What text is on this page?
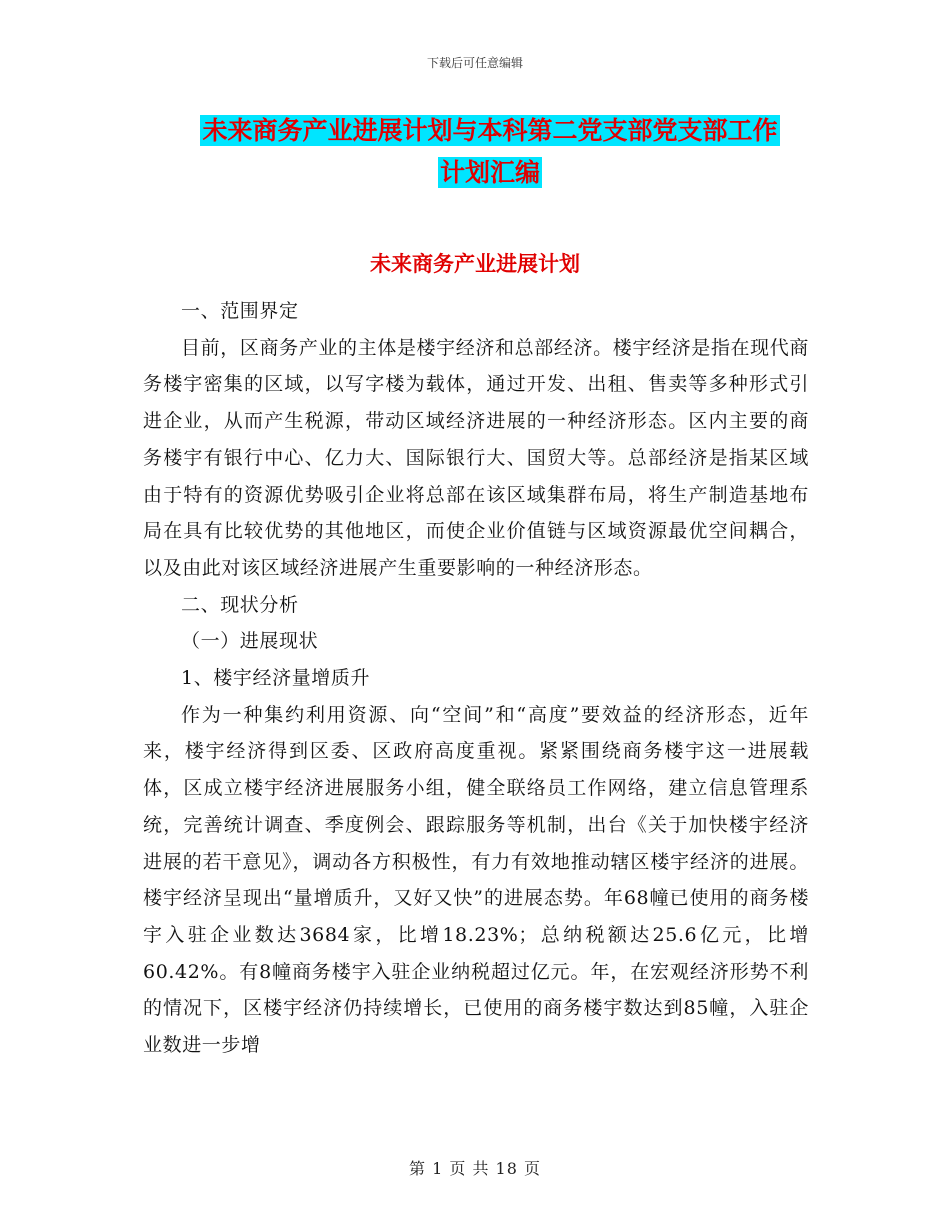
下载后可任意编辑
未来商务产业进展计划与本科第二党支部党支部工作
计划汇编
未来商务产业进展计划

一、范围界定

目前，区商务产业的主体是楼宇经济和总部经济。楼宇经济是指在现代商务楼宇密集的区域，以写字楼为载体，通过开发、出租、售卖等多种形式引进企业，从而产生税源，带动区域经济进展的一种经济形态。区内主要的商务楼宇有银行中心、亿力大、国际银行大、国贸大等。总部经济是指某区域由于特有的资源优势吸引企业将总部在该区域集群布局，将生产制造基地布局在具有比较优势的其他地区，而使企业价值链与区域资源最优空间耦合，以及由此对该区域经济进展产生重要影响的一种经济形态。

二、现状分析

（一）进展现状

1、楼宇经济量增质升

作为一种集约利用资源、向“空间”和“高度”要效益的经济形态，近年来，楼宇经济得到区委、区政府高度重视。紧紧围绕商务楼宇这一进展载体，区成立楼宇经济进展服务小组，健全联络员工作网络，建立信息管理系统，完善统计调查、季度例会、跟踪服务等机制，出台《关于加快楼宇经济进展的若干意见》，调动各方积极性，有力有效地推动辖区楼宇经济的进展。楼宇经济呈现出“量增质升，又好又快”的进展态势。年68幢已使用的商务楼宇入驻企业数达3684家，比增18.23%；总纳税额达25.6亿元，比增60.42%。有8幢商务楼宇入驻企业纳税超过亿元。年，在宏观经济形势不利的情况下，区楼宇经济仍持续增长，已使用的商务楼宇数达到85幢，入驻企业数进一步增

第 1 页 共 18 页
